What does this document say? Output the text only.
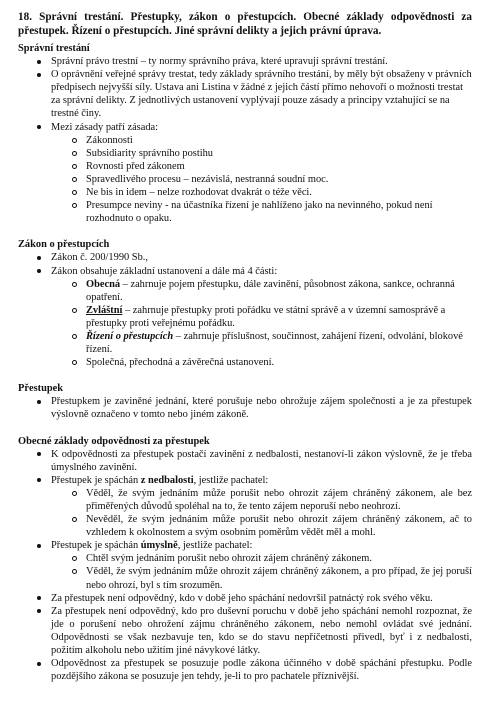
18. Správní trestání. Přestupky, zákon o přestupcích. Obecné základy odpovědnosti za přestupek. Řízení o přestupcích. Jiné správní delikty a jejich právní úprava.

Správní trestání

Správní právo trestní – ty normy správního práva, které upravují správní trestání.
O oprávnění veřejné správy trestat, tedy základy správního trestání, by měly být obsaženy v právních předpisech nejvyšší síly. Ustava ani Listina v žádné z jejich částí přímo nehovoří o možnosti trestat za správní delikty. Z jednotlivých ustanovení vyplývají pouze zásady a principy vztahující se na trestné činy.
Mezi zásady patří zásada:
Zákonnosti
Subsidiarity správního postihu
Rovnosti před zákonem
Spravedlivého procesu – nezávislá, nestranná soudní moc.
Ne bis in idem – nelze rozhodovat dvakrát o téže věci.
Presumpce neviny - na účastníka řízení je nahlíženo jako na nevinného, pokud není rozhodnuto o opaku.

Zákon o přestupcích

Zákon č. 200/1990 Sb.,
Zákon obsahuje základní ustanovení a dále má 4 části:
Obecná – zahrnuje pojem přestupku, dále zavinění, působnost zákona, sankce, ochranná opatření.
Zvláštní – zahrnuje přestupky proti pořádku ve státní správě a v územní samosprávě a přestupky proti veřejnému pořádku.
Řízení o přestupcích – zahrnuje příslušnost, součinnost, zahájení řízení, odvolání, blokové řízení.
Společná, přechodná a závěrečná ustanovení.

Přestupek

Přestupkem je zaviněné jednání, které porušuje nebo ohrožuje zájem společnosti a je za přestupek výslovně označeno v tomto nebo jiném zákoně.

Obecné základy odpovědnosti za přestupek

K odpovědnosti za přestupek postačí zavinění z nedbalosti, nestanoví-li zákon výslovně, že je třeba úmyslného zavinění.
Přestupek je spáchán z nedbalosti, jestliže pachatel:
Věděl, že svým jednáním může porušit nebo ohrozit zájem chráněný zákonem, ale bez přiměřených důvodů spoléhal na to, že tento zájem neporuší nebo neohrozí.
Nevěděl, že svým jednáním může porušit nebo ohrozit zájem chráněný zákonem, ač to vzhledem k okolnostem a svým osobním poměrům vědět měl a mohl.
Přestupek je spáchán úmyslně, jestliže pachatel:
Chtěl svým jednáním porušit nebo ohrozit zájem chráněný zákonem.
Věděl, že svým jednáním může ohrozit zájem chráněný zákonem, a pro případ, že jej poruší nebo ohrozí, byl s tím srozuměn.
Za přestupek není odpovědný, kdo v době jeho spáchání nedovršil patnáctý rok svého věku.
Za přestupek není odpovědný, kdo pro duševní poruchu v době jeho spáchání nemohl rozpoznat, že jde o porušení nebo ohrožení zájmu chráněného zákonem, nebo nemohl ovládat své jednání. Odpovědnosti se však nezbavuje ten, kdo se do stavu nepříčetnosti přivedl, byť i z nedbalosti, požitím alkoholu nebo užitím jiné návykové látky.
Odpovědnost za přestupek se posuzuje podle zákona účinného v době spáchání přestupku. Podle pozdějšího zákona se posuzuje jen tehdy, je-li to pro pachatele příznivější.
